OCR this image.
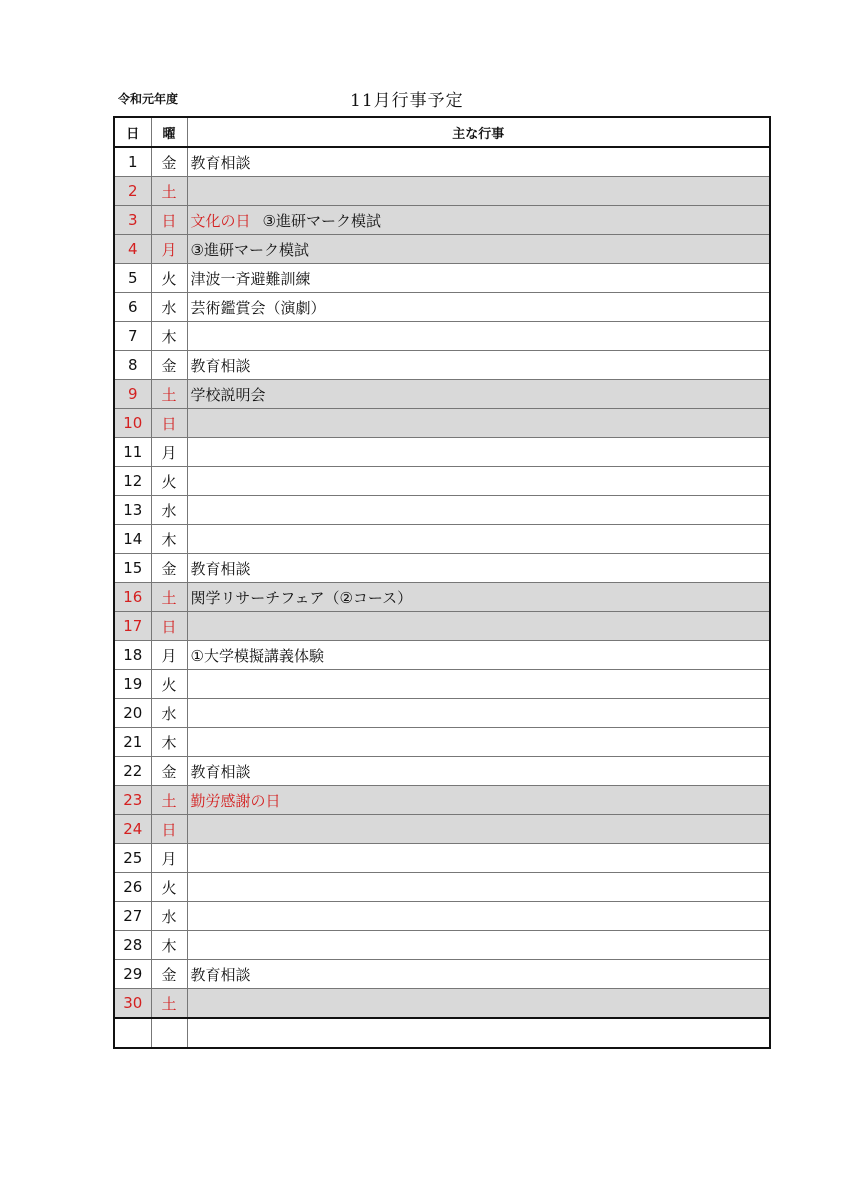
令和元年度	11月行事予定
日	曜	主な行事
1	金	教育相談
2	土	
3	日	文化の日 ③進研マーク模試
4	月	③進研マーク模試
5	火	津波一斉避難訓練
6	水	芸術鑑賞会（演劇）
7	木	
8	金	教育相談
9	土	学校説明会
10	日	
11	月	
12	火	
13	水	
14	木	
15	金	教育相談
16	土	関学リサーチフェア（②コース）
17	日	
18	月	①大学模擬講義体験
19	火	
20	水	
21	木	
22	金	教育相談
23	土	勤労感謝の日
24	日	
25	月	
26	火	
27	水	
28	木	
29	金	教育相談
30	土	
